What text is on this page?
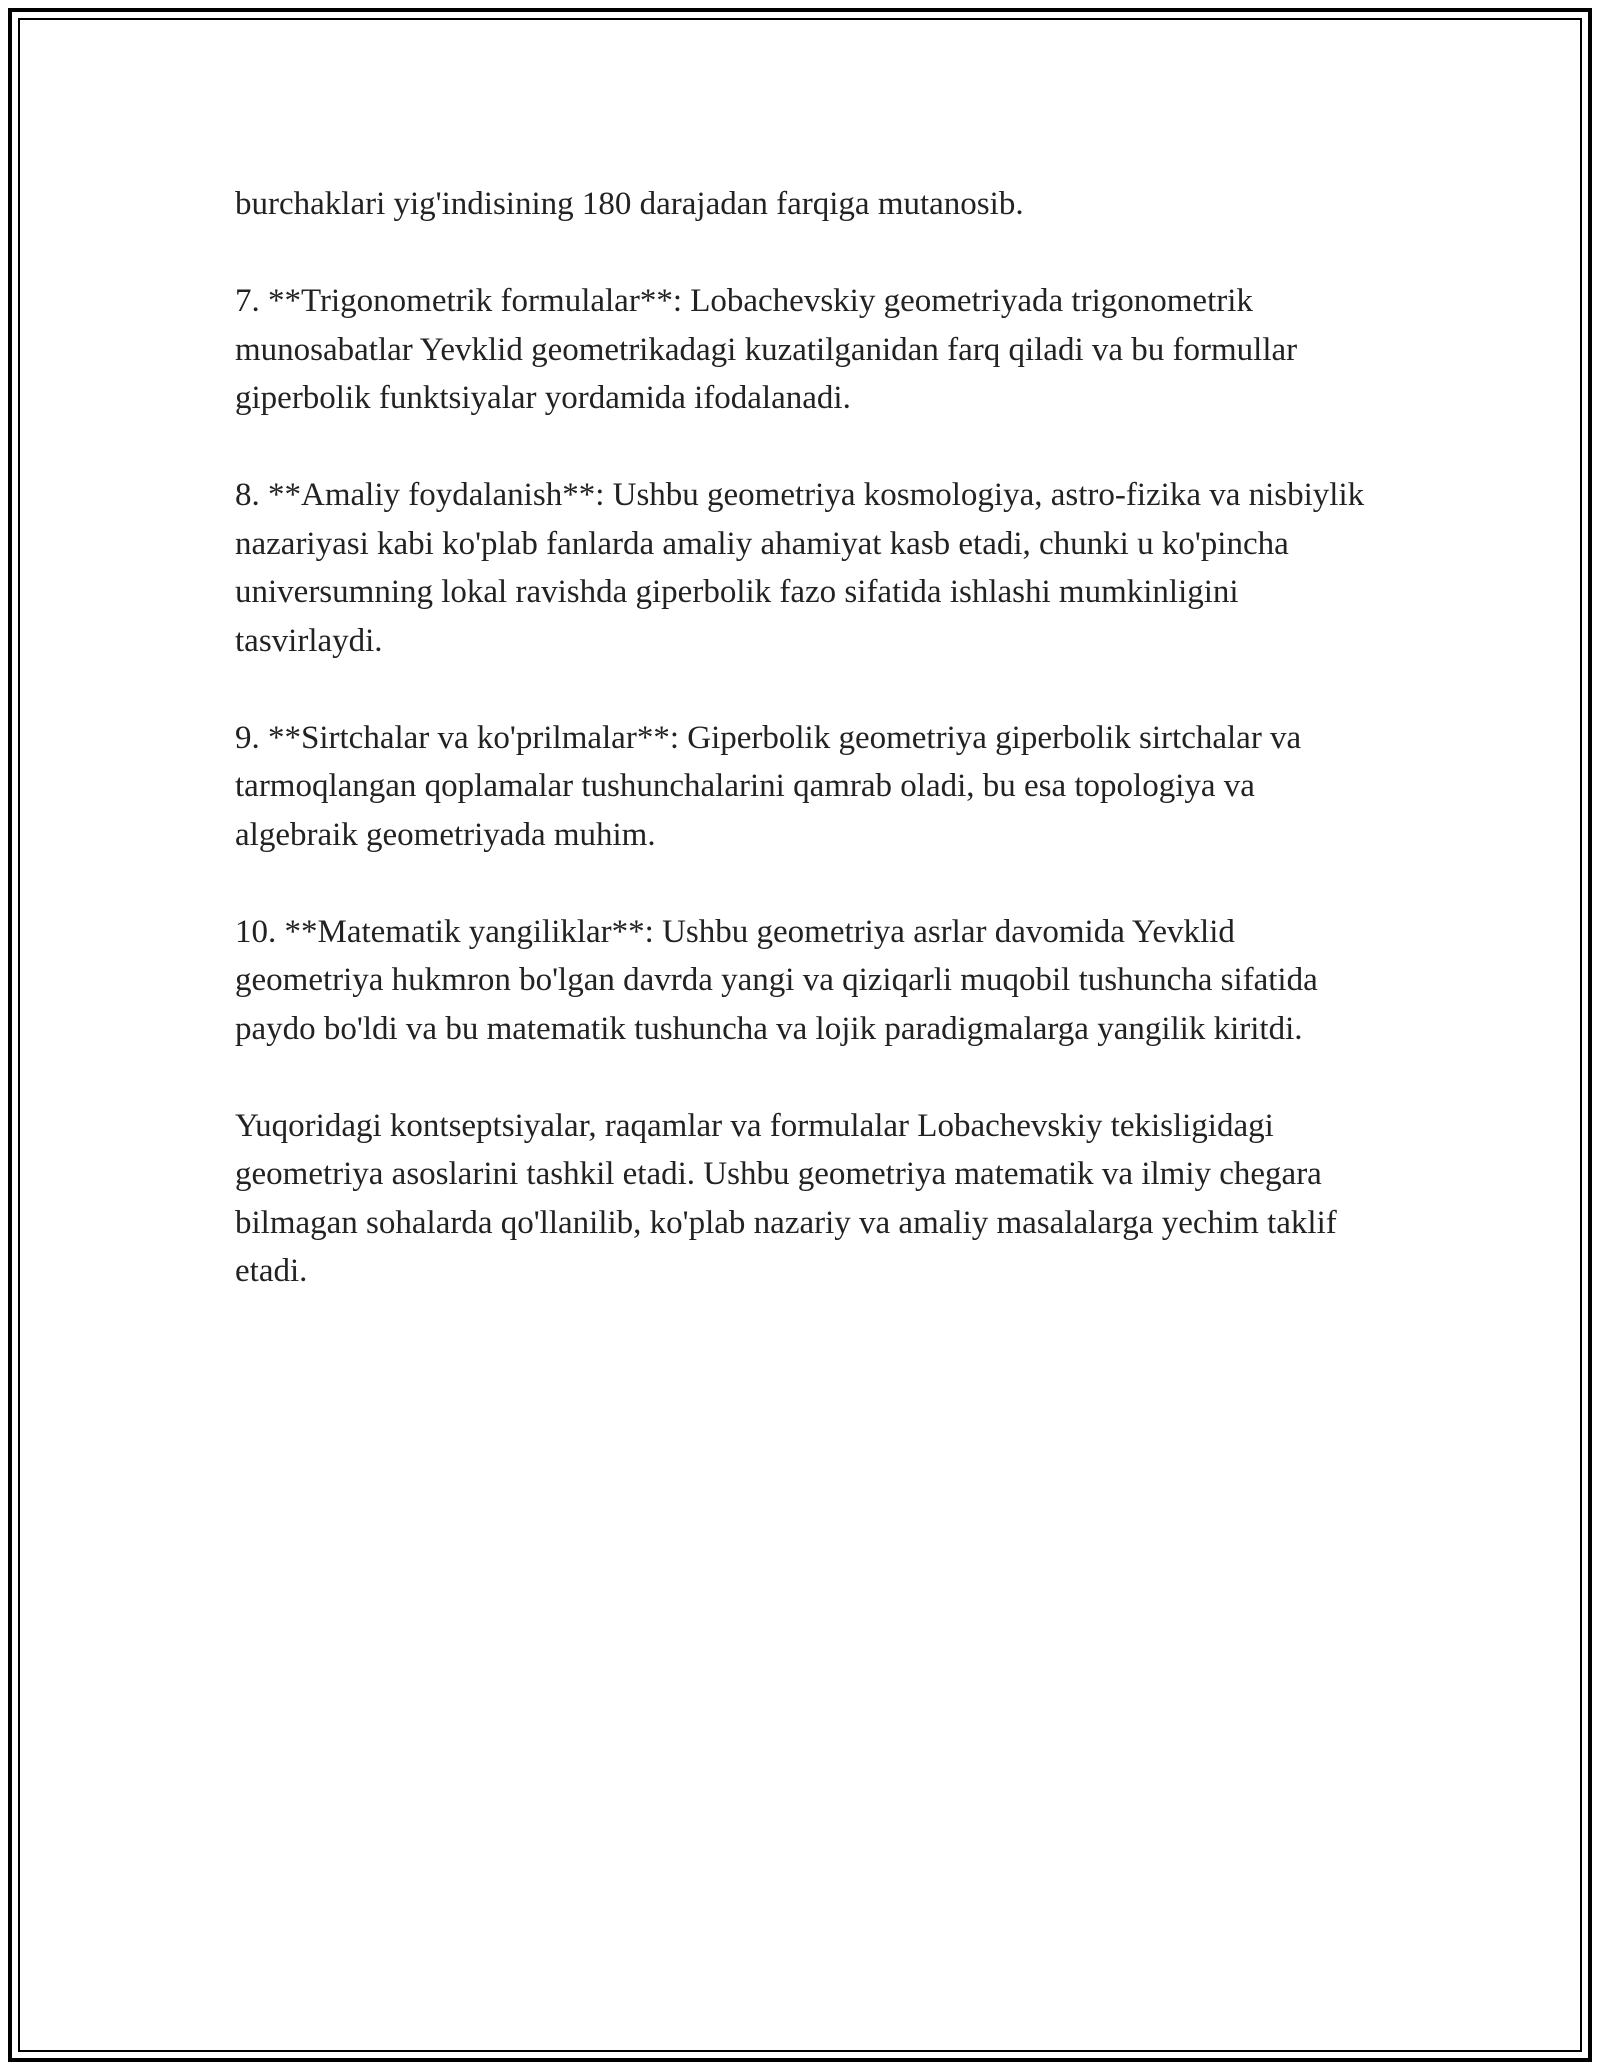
burchaklari yig'indisining 180 darajadan farqiga mutanosib.

7. **Trigonometrik formulalar**: Lobachevskiy geometriyada trigonometrik munosabatlar Yevklid geometrikadagi kuzatilganidan farq qiladi va bu formullar giperbolik funktsiyalar yordamida ifodalanadi.

8. **Amaliy foydalanish**: Ushbu geometriya kosmologiya, astro-fizika va nisbiylik nazariyasi kabi ko'plab fanlarda amaliy ahamiyat kasb etadi, chunki u ko'pincha universumning lokal ravishda giperbolik fazo sifatida ishlashi mumkinligini tasvirlaydi.

9. **Sirtchalar va ko'prilmalar**: Giperbolik geometriya giperbolik sirtchalar va tarmoqlangan qoplamalar tushunchalarini qamrab oladi, bu esa topologiya va algebraik geometriyada muhim.

10. **Matematik yangiliklar**: Ushbu geometriya asrlar davomida Yevklid geometriya hukmron bo'lgan davrda yangi va qiziqarli muqobil tushuncha sifatida paydo bo'ldi va bu matematik tushuncha va lojik paradigmalarga yangilik kiritdi.

Yuqoridagi kontseptsiyalar, raqamlar va formulalar Lobachevskiy tekisligidagi geometriya asoslarini tashkil etadi. Ushbu geometriya matematik va ilmiy chegara bilmagan sohalarda qo'llanilib, ko'plab nazariy va amaliy masalalarga yechim taklif etadi.
